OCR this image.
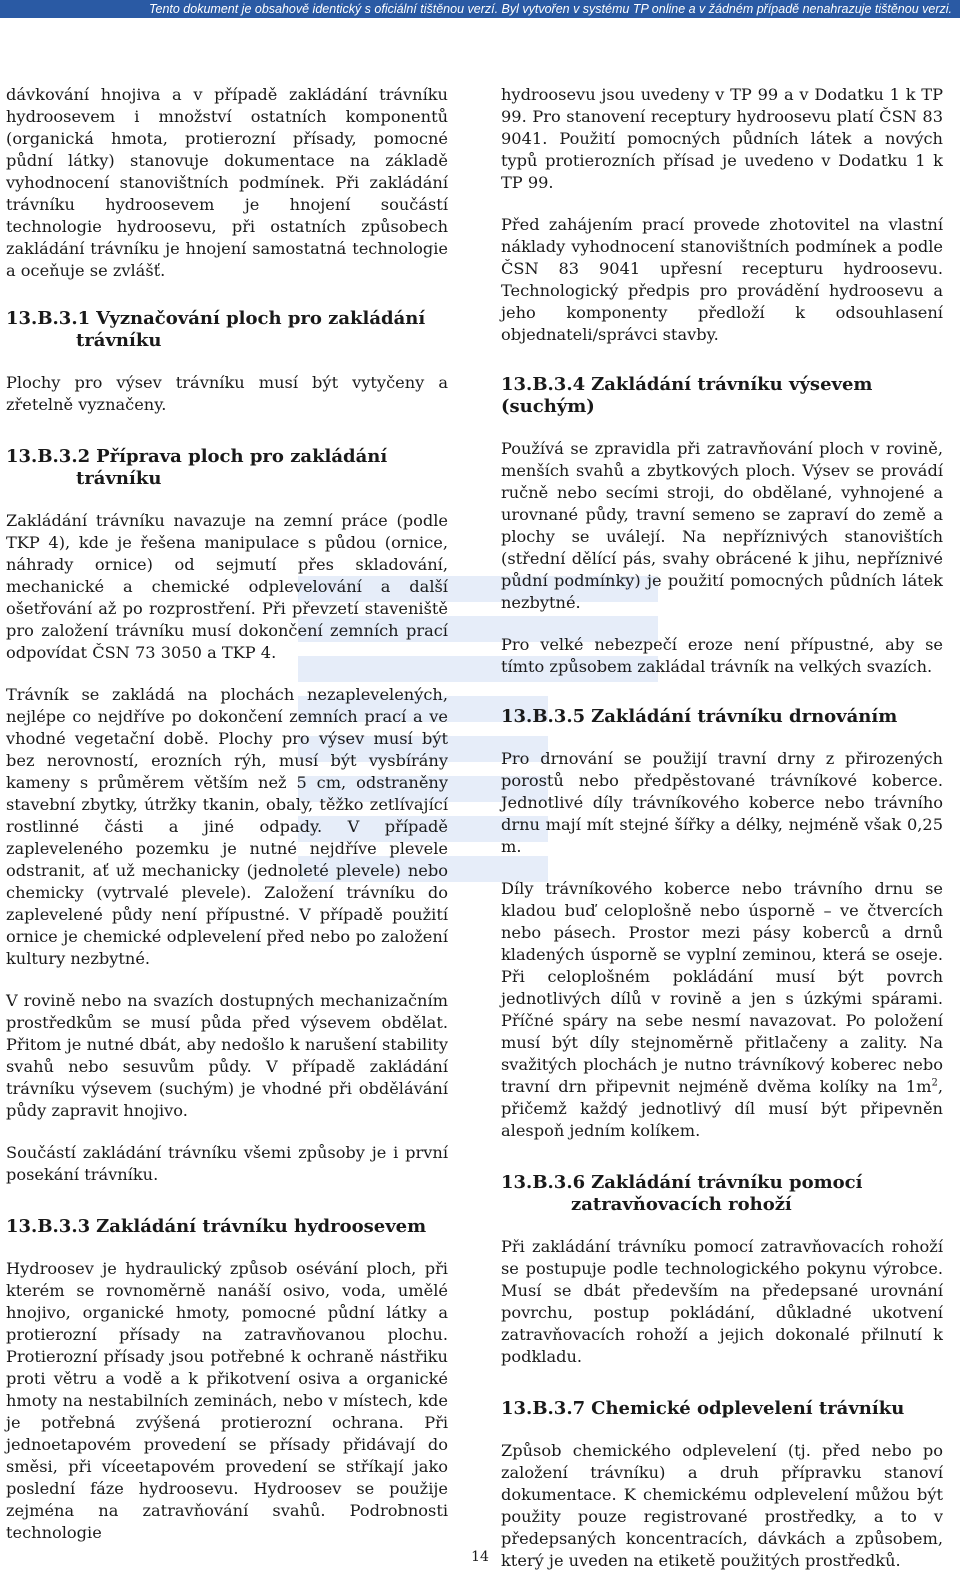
Tento dokument je obsahově identický s oficiální tištěnou verzí. Byl vytvořen v systému TP online a v žádném případě nenahrazuje tištěnou verzi.

dávkování hnojiva a v případě zakládání trávníku hydroosevem i množství ostatních komponentů (organická hmota, protierozní přísady, pomocné půdní látky) stanovuje dokumentace na základě vyhodnocení stanovištních podmínek. Při zakládání trávníku hydroosevem je hnojení součástí technologie hydroosevu, při ostatních způsobech zakládání trávníku je hnojení samostatná technologie a oceňuje se zvlášť.

13.B.3.1 Vyznačování ploch pro zakládání
trávníku

Plochy pro výsev trávníku musí být vytyčeny a zřetelně vyznačeny.

13.B.3.2 Příprava ploch pro zakládání
trávníku

Zakládání trávníku navazuje na zemní práce (podle TKP 4), kde je řešena manipulace s půdou (ornice, náhrady ornice) od sejmutí přes skladování, mechanické a chemické odplevelování a další ošetřování až po rozprostření. Při převzetí staveniště pro založení trávníku musí dokončení zemních prací odpovídat ČSN 73 3050 a TKP 4.

Trávník se zakládá na plochách nezaplevelených, nejlépe co nejdříve po dokončení zemních prací a ve vhodné vegetační době. Plochy pro výsev musí být bez nerovností, erozních rýh, musí být vysbírány kameny s průměrem větším než 5 cm, odstraněny stavební zbytky, útržky tkanin, obaly, těžko zetlívající rostlinné části a jiné odpady. V případě zapleveleného pozemku je nutné nejdříve plevele odstranit, ať už mechanicky (jednoleté plevele) nebo chemicky (vytrvalé plevele). Založení trávníku do zaplevelené půdy není přípustné. V případě použití ornice je chemické odplevelení před nebo po založení kultury nezbytné.

V rovině nebo na svazích dostupných mechanizačním prostředkům se musí půda před výsevem obdělat. Přitom je nutné dbát, aby nedošlo k narušení stability svahů nebo sesuvům půdy. V případě zakládání trávníku výsevem (suchým) je vhodné při obdělávání půdy zapravit hnojivo.

Součástí zakládání trávníku všemi způsoby je i první posekání trávníku.

13.B.3.3 Zakládání trávníku hydroosevem

Hydroosev je hydraulický způsob osévání ploch, při kterém se rovnoměrně nanáší osivo, voda, umělé hnojivo, organické hmoty, pomocné půdní látky a protierozní přísady na zatravňovanou plochu. Protierozní přísady jsou potřebné k ochraně nástřiku proti větru a vodě a k přikotvení osiva a organické hmoty na nestabilních zeminách, nebo v místech, kde je potřebná zvýšená protierozní ochrana. Při jednoetapovém provedení se přísady přidávají do směsi, při víceetapovém provedení se stříkají jako poslední fáze hydroosevu. Hydroosev se použije zejména na zatravňování svahů. Podrobnosti technologie

hydroosevu jsou uvedeny v TP 99 a v Dodatku 1 k TP 99. Pro stanovení receptury hydroosevu platí ČSN 83 9041. Použití pomocných půdních látek a nových typů protierozních přísad je uvedeno v Dodatku 1 k TP 99.

Před zahájením prací provede zhotovitel na vlastní náklady vyhodnocení stanovištních podmínek a podle ČSN 83 9041 upřesní recepturu hydroosevu. Technologický předpis pro provádění hydroosevu a jeho komponenty předloží k odsouhlasení objednateli/správci stavby.

13.B.3.4 Zakládání trávníku výsevem (suchým)

Používá se zpravidla při zatravňování ploch v rovině, menších svahů a zbytkových ploch. Výsev se provádí ručně nebo secími stroji, do obdělané, vyhnojené a urovnané půdy, travní semeno se zapraví do země a plochy se uválejí. Na nepříznivých stanovištích (střední dělící pás, svahy obrácené k jihu, nepříznivé půdní podmínky) je použití pomocných půdních látek nezbytné.

Pro velké nebezpečí eroze není přípustné, aby se tímto způsobem zakládal trávník na velkých svazích.

13.B.3.5 Zakládání trávníku drnováním

Pro drnování se použijí travní drny z přirozených porostů nebo předpěstované trávníkové koberce. Jednotlivé díly trávníkového koberce nebo trávního drnu mají mít stejné šířky a délky, nejméně však 0,25 m.

Díly trávníkového koberce nebo trávního drnu se kladou buď celoplošně nebo úsporně – ve čtvercích nebo pásech. Prostor mezi pásy koberců a drnů kladených úsporně se vyplní zeminou, která se oseje. Při celoplošném pokládání musí být povrch jednotlivých dílů v rovině a jen s úzkými spárami. Příčné spáry na sebe nesmí navazovat. Po položení musí být díly stejnoměrně přitlačeny a zality. Na svažitých plochách je nutno trávníkový koberec nebo travní drn připevnit nejméně dvěma kolíky na $1m^2$, přičemž každý jednotlivý díl musí být připevněn alespoň jedním kolíkem.

13.B.3.6 Zakládání trávníku pomocí
zatravňovacích rohoží

Při zakládání trávníku pomocí zatravňovacích rohoží se postupuje podle technologického pokynu výrobce. Musí se dbát především na předepsané urovnání povrchu, postup pokládání, důkladné ukotvení zatravňovacích rohoží a jejich dokonalé přilnutí k podkladu.

13.B.3.7 Chemické odplevelení trávníku

Způsob chemického odplevelení (tj. před nebo po založení trávníku) a druh přípravku stanoví dokumentace. K chemickému odplevelení můžou být použity pouze registrované prostředky, a to v předepsaných koncentracích, dávkách a způsobem, který je uveden na etiketě použitých prostředků.

14
